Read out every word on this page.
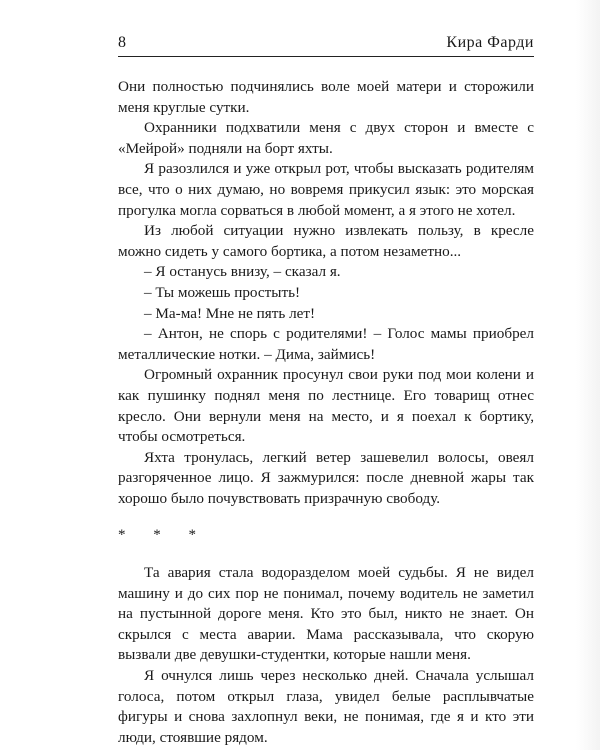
8	Кира Фарди

Они полностью подчинялись воле моей матери и сторожили меня круглые сутки.

Охранники подхватили меня с двух сторон и вместе с «Мейрой» подняли на борт яхты.

Я разозлился и уже открыл рот, чтобы высказать родителям все, что о них думаю, но вовремя прикусил язык: это морская прогулка могла сорваться в любой момент, а я этого не хотел.

Из любой ситуации нужно извлекать пользу, в кресле можно сидеть у самого бортика, а потом незаметно...

– Я останусь внизу, – сказал я.

– Ты можешь простыть!

– Ма-ма! Мне не пять лет!

– Антон, не спорь с родителями! – Голос мамы приобрел металлические нотки. – Дима, займись!

Огромный охранник просунул свои руки под мои колени и как пушинку поднял меня по лестнице. Его товарищ отнес кресло. Они вернули меня на место, и я поехал к бортику, чтобы осмотреться.

Яхта тронулась, легкий ветер зашевелил волосы, овеял разгоряченное лицо. Я зажмурился: после дневной жары так хорошо было почувствовать призрачную свободу.

* * *

Та авария стала водоразделом моей судьбы. Я не видел машину и до сих пор не понимал, почему водитель не заметил на пустынной дороге меня. Кто это был, никто не знает. Он скрылся с места аварии. Мама рассказывала, что скорую вызвали две девушки-студентки, которые нашли меня.

Я очнулся лишь через несколько дней. Сначала услышал голоса, потом открыл глаза, увидел белые расплывчатые фигуры и снова захлопнул веки, не понимая, где я и кто эти люди, стоявшие рядом.
